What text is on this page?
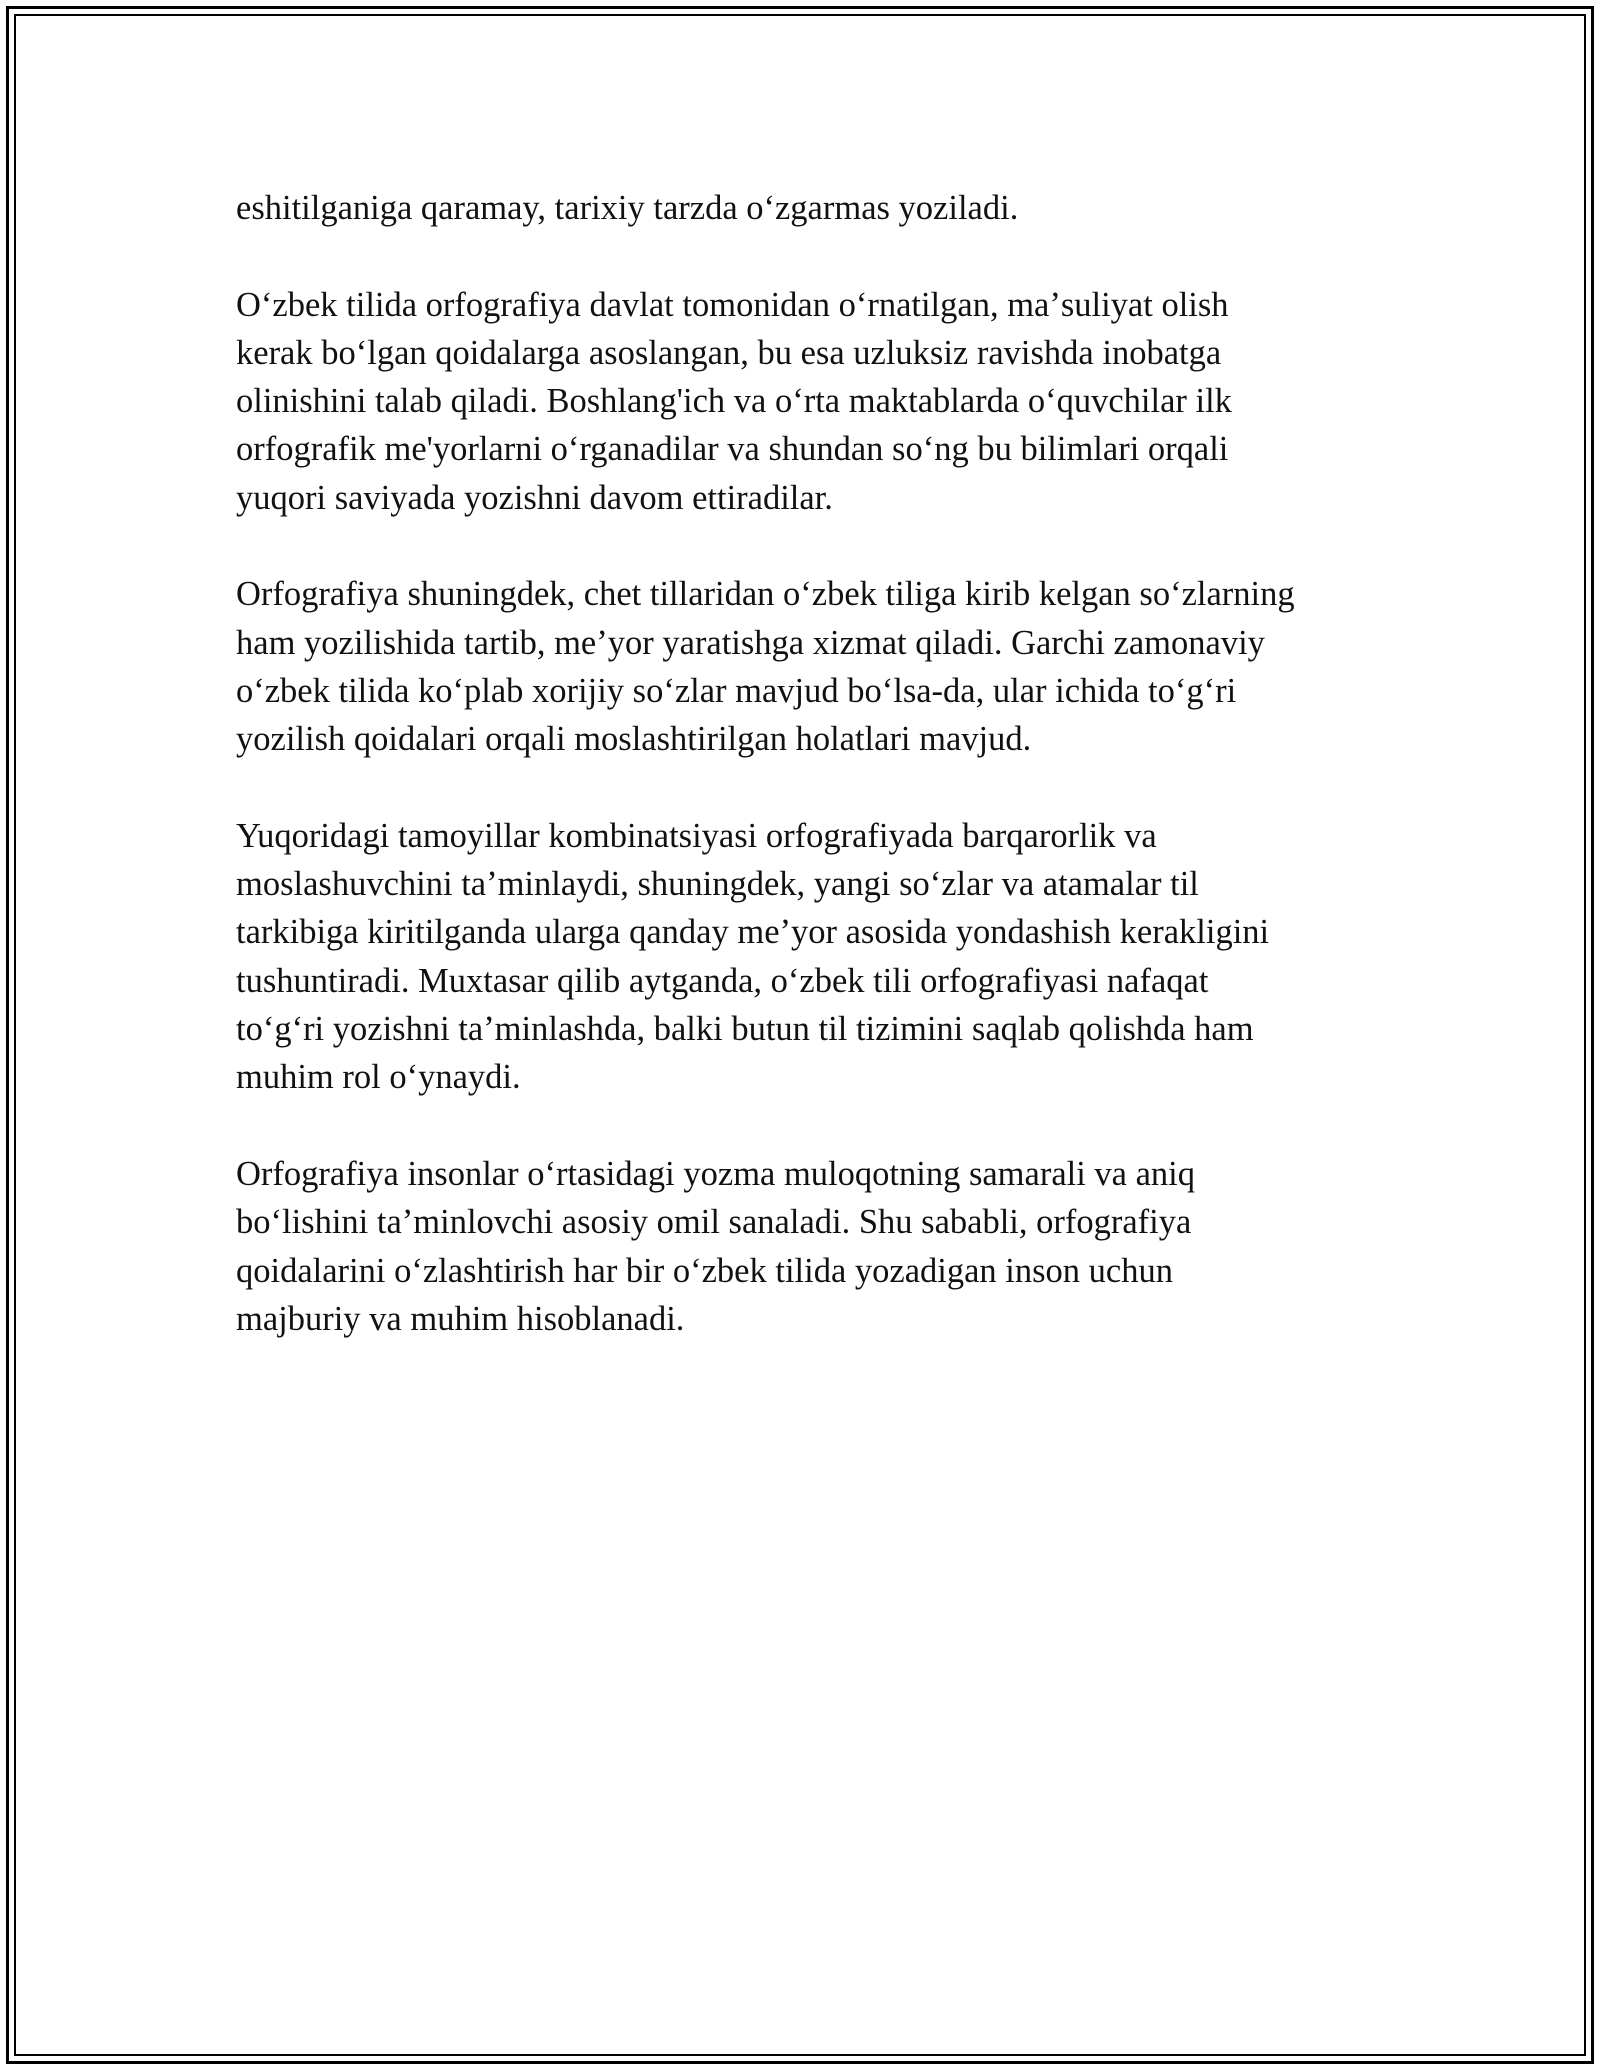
eshitilganiga qaramay, tarixiy tarzda oʻzgarmas yoziladi.

Oʻzbek tilida orfografiya davlat tomonidan oʻrnatilgan, maʼsuliyat olish
kerak boʻlgan qoidalarga asoslangan, bu esa uzluksiz ravishda inobatga
olinishini talab qiladi. Boshlang'ich va oʻrta maktablarda oʻquvchilar ilk
orfografik me'yorlarni oʻrganadilar va shundan soʻng bu bilimlari orqali
yuqori saviyada yozishni davom ettiradilar.

Orfografiya shuningdek, chet tillaridan oʻzbek tiliga kirib kelgan soʻzlarning
ham yozilishida tartib, meʼyor yaratishga xizmat qiladi. Garchi zamonaviy
oʻzbek tilida koʻplab xorijiy soʻzlar mavjud boʻlsa-da, ular ichida toʻgʻri
yozilish qoidalari orqali moslashtirilgan holatlari mavjud.

Yuqoridagi tamoyillar kombinatsiyasi orfografiyada barqarorlik va
moslashuvchini taʼminlaydi, shuningdek, yangi soʻzlar va atamalar til
tarkibiga kiritilganda ularga qanday meʼyor asosida yondashish kerakligini
tushuntiradi. Muxtasar qilib aytganda, oʻzbek tili orfografiyasi nafaqat
toʻgʻri yozishni taʼminlashda, balki butun til tizimini saqlab qolishda ham
muhim rol oʻynaydi.

Orfografiya insonlar oʻrtasidagi yozma muloqotning samarali va aniq
boʻlishini taʼminlovchi asosiy omil sanaladi. Shu sababli, orfografiya
qoidalarini oʻzlashtirish har bir oʻzbek tilida yozadigan inson uchun
majburiy va muhim hisoblanadi.
